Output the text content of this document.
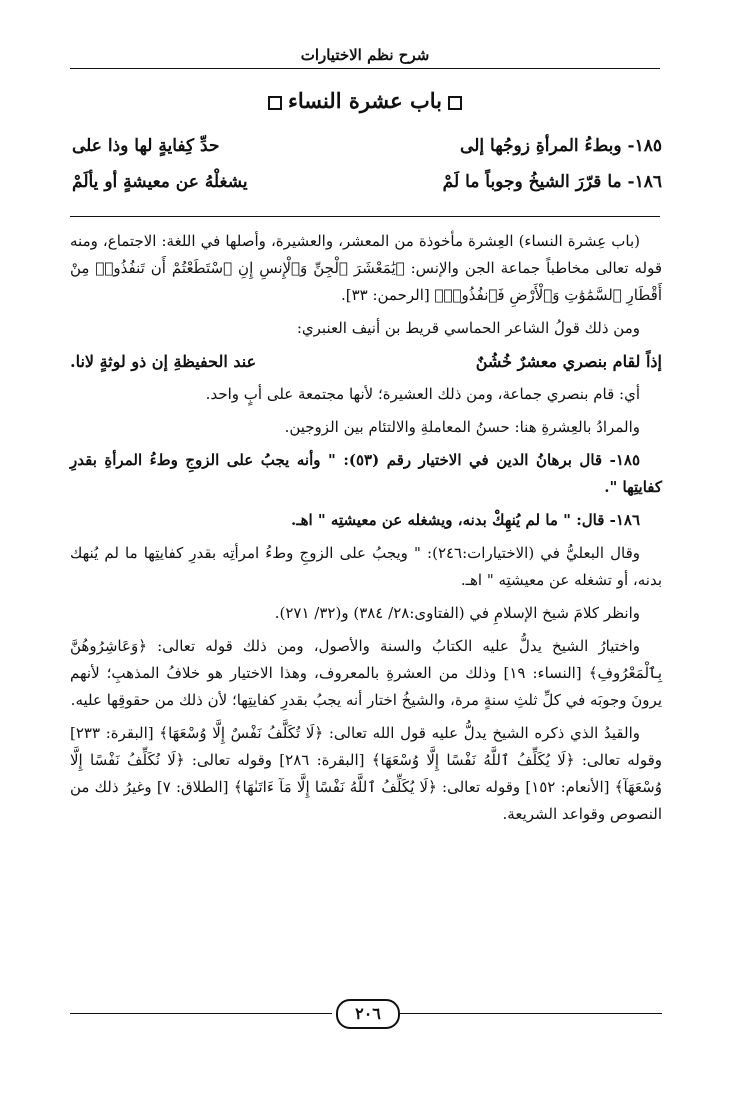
شرح نظم الاختيارات
باب عشرة النساء
١٨٥- وبطءُ المرأةِ زوجُها إلى
حدِّ كِفايةٍ لها وذا على
١٨٦- ما قرّرَ الشيخُ وجوباً ما لَمْ
يشغلْهُ عن معيشةٍ أو يألَمْ

(باب عِشرة النساء) العِشرة مأخوذة من المعشر، والعشيرة، وأصلها في اللغة: الاجتماع، ومنه قوله تعالى مخاطباً جماعة الجن والإنس: ﴿يَٰمَعْشَرَ ٱلْجِنِّ وَٱلْإِنسِ إِنِ ٱسْتَطَعْتُمْ أَن تَنفُذُوا۟ مِنْ أَقْطَارِ ٱلسَّمَٰوَٰتِ وَٱلْأَرْضِ فَٱنفُذُوا۟﴾ [الرحمن: ٣٣].

ومن ذلك قولُ الشاعر الحماسي قريط بن أنيف العنبري:

إذاً لقام بنصري معشرٌ خُشُنٌ
عند الحفيظةِ إن ذو لوثةٍ لانا.

أي: قام بنصري جماعة، ومن ذلك العشيرة؛ لأنها مجتمعة على أبٍ واحد.

والمرادُ بالعِشرةِ هنا: حسنُ المعاملةِ والالتئام بين الزوجين.

١٨٥- قال برهانُ الدين في الاختيار رقم (٥٣): " وأنه يجبُ على الزوجِ وطءُ المرأةِ بقدرِ كفايتِها ".

١٨٦- قال: " ما لم يُنهِكْ بدنه، ويشغله عن معيشتِه " اهـ.

وقال البعليُّ في (الاختيارات:٢٤٦): " ويجبُ على الزوجِ وطءُ امرأتِه بقدرِ كفايتِها ما لم يُنهك بدنه، أو تشغله عن معيشتِه " اهـ.

وانظر كلامَ شيخ الإسلامِ في (الفتاوى:٢٨/ ٣٨٤) و(٣٢/ ٢٧١).

واختيارُ الشيخ يدلُّ عليه الكتابُ والسنة والأصول، ومن ذلك قوله تعالى: ﴿وَعَاشِرُوهُنَّ بِٱلْمَعْرُوفِ﴾ [النساء: ١٩] وذلك من العشرةِ بالمعروف، وهذا الاختيار هو خلافُ المذهبِ؛ لأنهم يرونَ وجوبَه في كلِّ ثلثِ سنةٍ مرة، والشيخُ اختار أنه يجبُ بقدرِ كفايتِها؛ لأن ذلك من حقوقِها عليه.

والقيدُ الذي ذكره الشيخ يدلُّ عليه قول الله تعالى: ﴿لَا تُكَلَّفُ نَفْسٌ إِلَّا وُسْعَهَا﴾ [البقرة: ٢٣٣] وقوله تعالى: ﴿لَا يُكَلِّفُ ٱللَّهُ نَفْسًا إِلَّا وُسْعَهَا﴾ [البقرة: ٢٨٦] وقوله تعالى: ﴿لَا نُكَلِّفُ نَفْسًا إِلَّا وُسْعَهَآ﴾ [الأنعام: ١٥٢] وقوله تعالى: ﴿لَا يُكَلِّفُ ٱللَّهُ نَفْسًا إِلَّا مَآ ءَاتَىٰهَا﴾ [الطلاق: ٧] وغيرُ ذلك من النصوص وقواعد الشريعة.

٢٠٦
